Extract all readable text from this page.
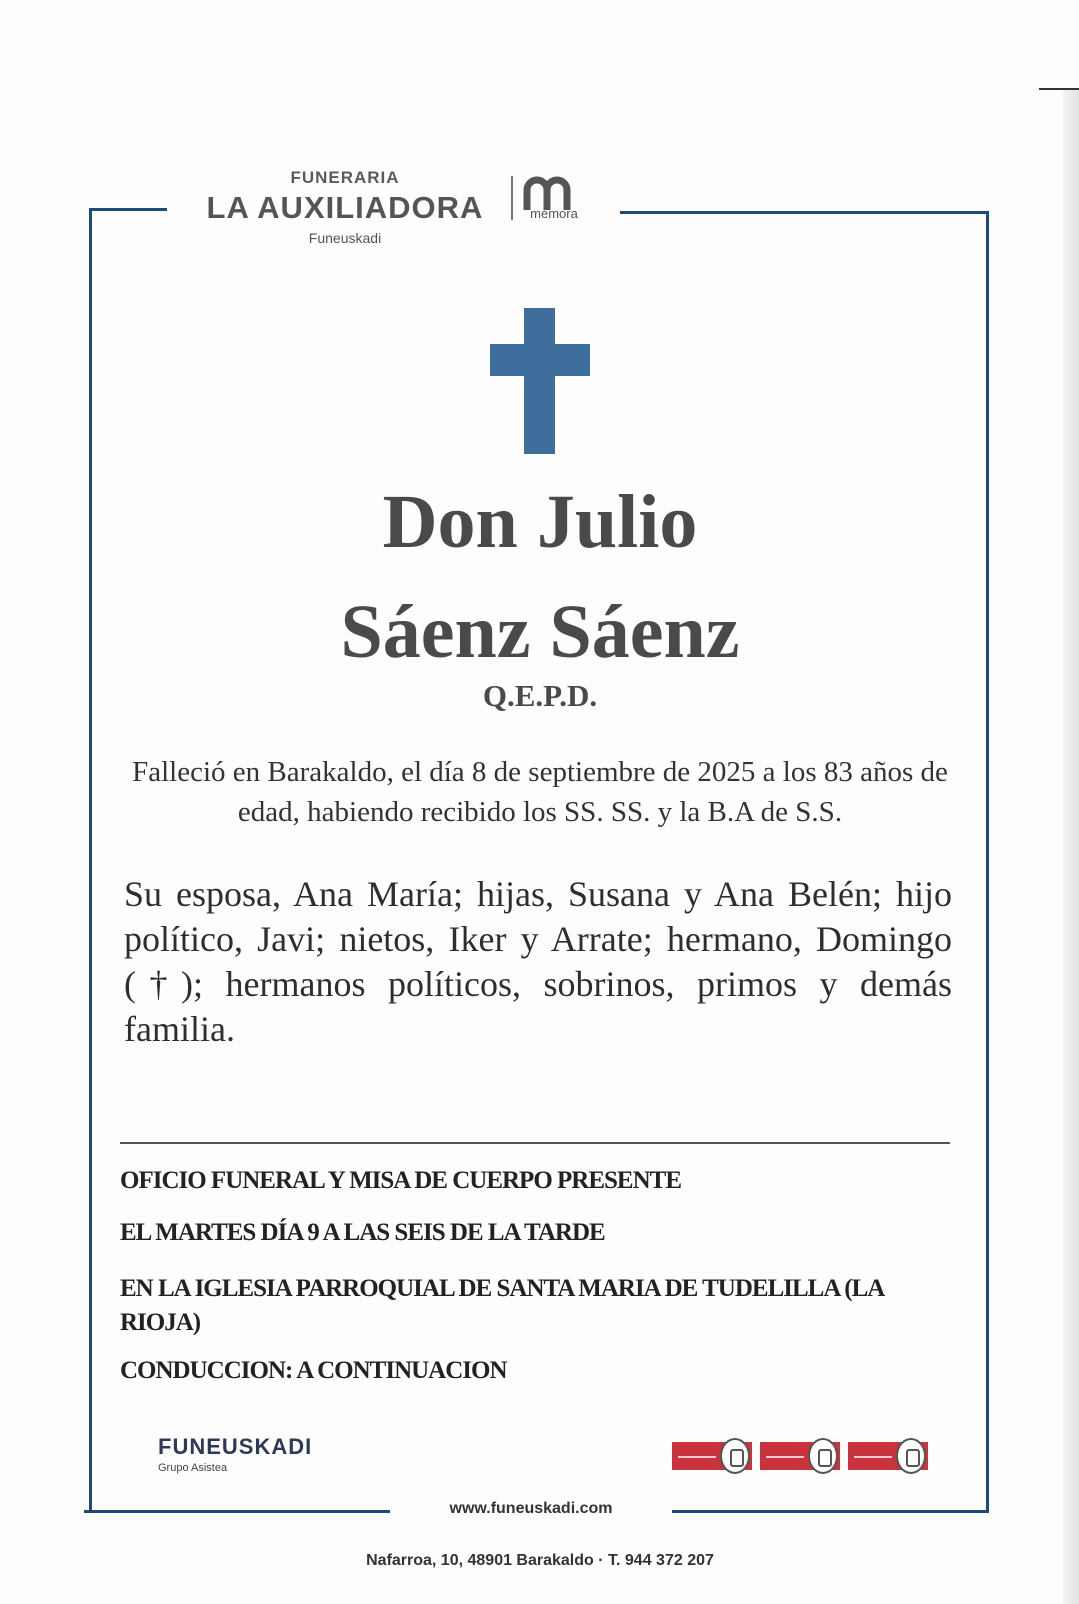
FUNERARIA
LA AUXILIADORA
Funeuskadi
mémora
Don Julio
Sáenz Sáenz
Q.E.P.D.
Falleció en Barakaldo, el día 8 de septiembre de 2025 a los 83 años de edad, habiendo recibido los SS. SS. y la B.A de S.S.
Su esposa, Ana María; hijas, Susana y Ana Belén; hijo político, Javi; nietos, Iker y Arrate; hermano, Domingo (†); hermanos políticos, sobrinos, primos y demás familia.
OFICIO FUNERAL Y MISA DE CUERPO PRESENTE
EL MARTES DÍA 9 A LAS SEIS DE LA TARDE
EN LA IGLESIA PARROQUIAL DE SANTA MARIA DE TUDELILLA (LA RIOJA)
CONDUCCION: A CONTINUACION
FUNEUSKADI
Grupo Asistea
www.funeuskadi.com
Nafarroa, 10, 48901 Barakaldo · T. 944 372 207
